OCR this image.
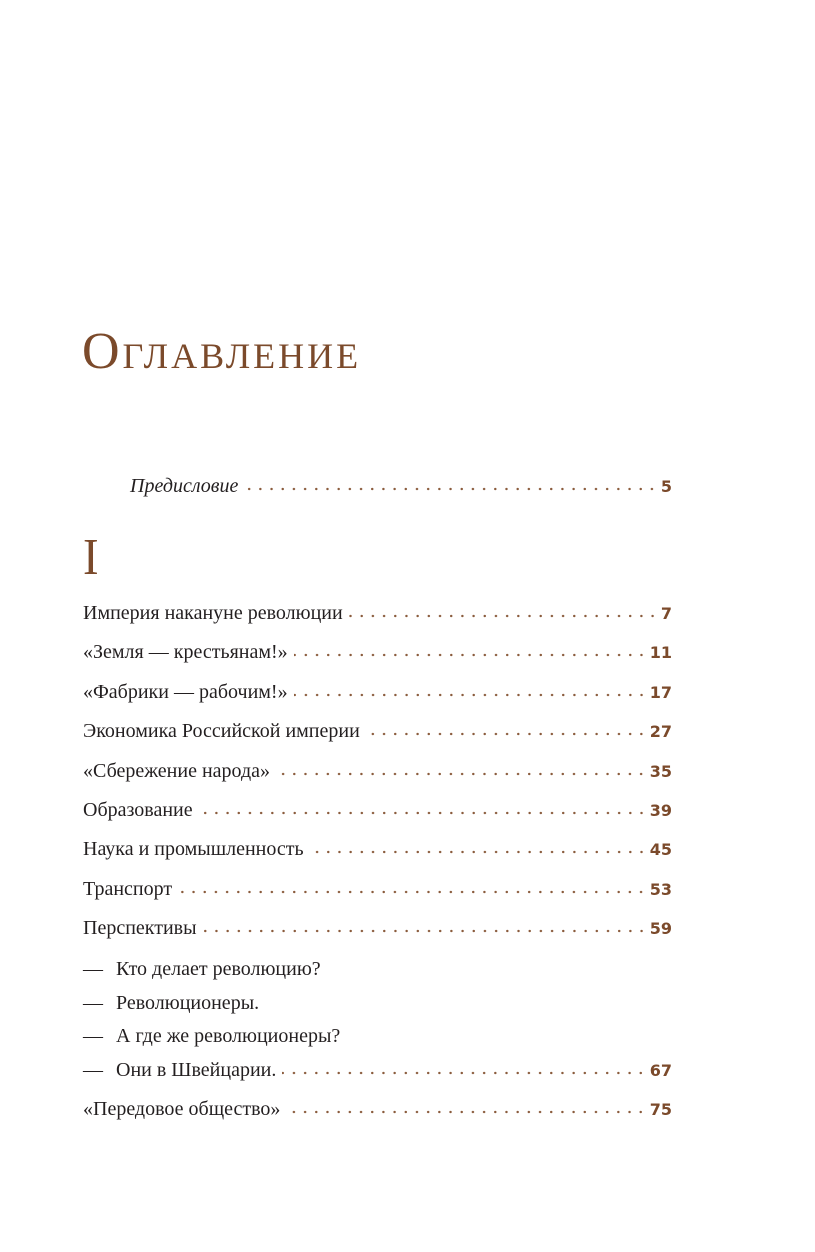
Оглавление
Предисловие	5
I
Империя накануне революции	7
«Земля — крестьянам!»	11
«Фабрики — рабочим!»	17
Экономика Российской империи	27
«Сбережение народа»	35
Образование	39
Наука и промышленность	45
Транспорт	53
Перспективы	59
— Кто делает революцию?
— Революционеры.
— А где же революционеры?
— Они в Швейцарии.	67
«Передовое общество»	75
